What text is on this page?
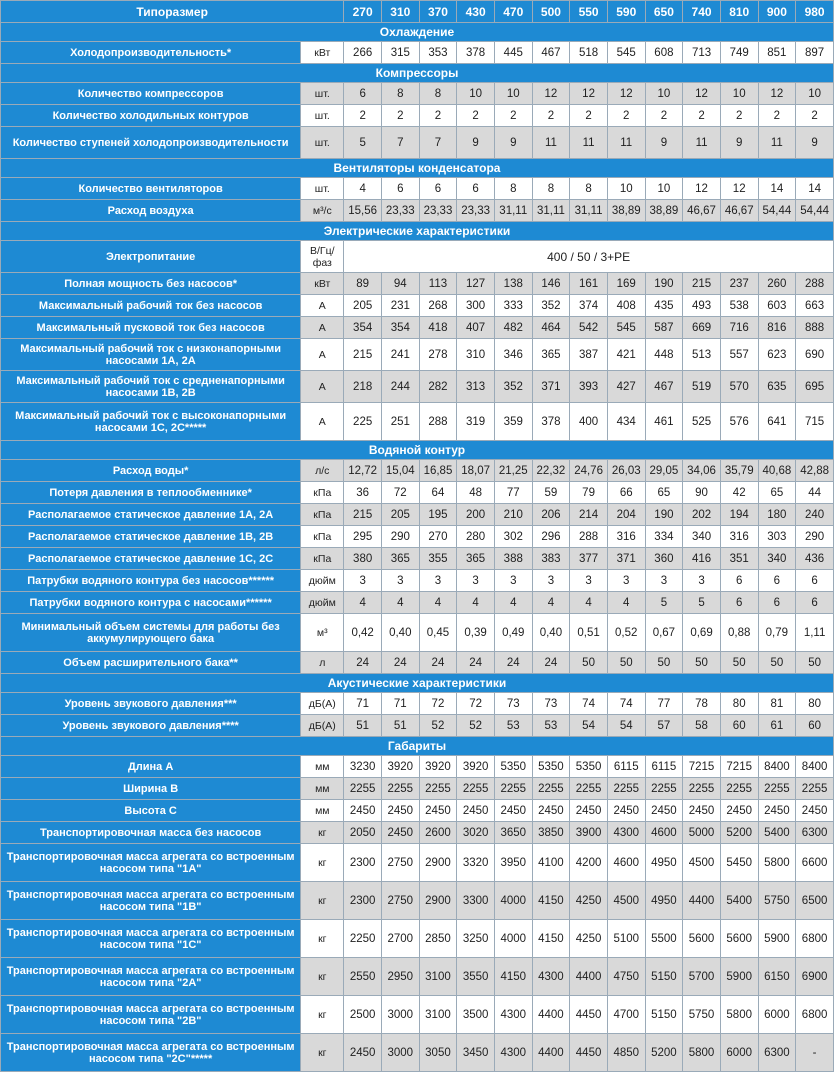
Типоразмер		270	310	370	430	470	500	550	590	650	740	810	900	980
Охлаждение														
Холодопроизводительность*	кВт	266	315	353	378	445	467	518	545	608	713	749	851	897
Компрессоры														
Количество компрессоров	шт.	6	8	8	10	10	12	12	12	10	12	10	12	10
Количество холодильных контуров	шт.	2	2	2	2	2	2	2	2	2	2	2	2	2
Количество ступеней холодопроизводительности	шт.	5	7	7	9	9	11	11	11	9	11	9	11	9
Вентиляторы конденсатора														
Количество вентиляторов	шт.	4	6	6	6	8	8	8	10	10	12	12	14	14
Расход воздуха	м³/с	15,56	23,33	23,33	23,33	31,11	31,11	31,11	38,89	38,89	46,67	46,67	54,44	54,44
Электрические характеристики														
Электропитание	В/Гц/фаз	400 / 50 / 3+PE												
Полная мощность без насосов*	кВт	89	94	113	127	138	146	161	169	190	215	237	260	288
Максимальный рабочий ток без насосов	А	205	231	268	300	333	352	374	408	435	493	538	603	663
Максимальный пусковой ток без насосов	А	354	354	418	407	482	464	542	545	587	669	716	816	888
Максимальный рабочий ток с низконапорными насосами 1А, 2А	А	215	241	278	310	346	365	387	421	448	513	557	623	690
Максимальный рабочий ток с средненапорными насосами 1В, 2В	А	218	244	282	313	352	371	393	427	467	519	570	635	695
Максимальный рабочий ток с высоконапорными насосами 1С, 2С*****	А	225	251	288	319	359	378	400	434	461	525	576	641	715
Водяной контур														
Расход воды*	л/с	12,72	15,04	16,85	18,07	21,25	22,32	24,76	26,03	29,05	34,06	35,79	40,68	42,88
Потеря давления в теплообменнике*	кПа	36	72	64	48	77	59	79	66	65	90	42	65	44
Располагаемое статическое давление 1А, 2А	кПа	215	205	195	200	210	206	214	204	190	202	194	180	240
Располагаемое статическое давление 1В, 2В	кПа	295	290	270	280	302	296	288	316	334	340	316	303	290
Располагаемое статическое давление 1С, 2С	кПа	380	365	355	365	388	383	377	371	360	416	351	340	436
Патрубки водяного контура без насосов******	дюйм	3	3	3	3	3	3	3	3	3	3	6	6	6
Патрубки водяного контура с насосами******	дюйм	4	4	4	4	4	4	4	4	5	5	6	6	6
Минимальный объем системы для работы без аккумулирующего бака	м³	0,42	0,40	0,45	0,39	0,49	0,40	0,51	0,52	0,67	0,69	0,88	0,79	1,11
Объем расширительного бака**	л	24	24	24	24	24	24	50	50	50	50	50	50	50
Акустические характеристики														
Уровень звукового давления***	дБ(А)	71	71	72	72	73	73	74	74	77	78	80	81	80
Уровень звукового давления****	дБ(А)	51	51	52	52	53	53	54	54	57	58	60	61	60
Габариты														
Длина А	мм	3230	3920	3920	3920	5350	5350	5350	6115	6115	7215	7215	8400	8400
Ширина В	мм	2255	2255	2255	2255	2255	2255	2255	2255	2255	2255	2255	2255	2255
Высота С	мм	2450	2450	2450	2450	2450	2450	2450	2450	2450	2450	2450	2450	2450
Транспортировочная масса без насосов	кг	2050	2450	2600	3020	3650	3850	3900	4300	4600	5000	5200	5400	6300
Транспортировочная масса агрегата со встроенным насосом типа "1А"	кг	2300	2750	2900	3320	3950	4100	4200	4600	4950	4500	5450	5800	6600
Транспортировочная масса агрегата со встроенным насосом типа "1В"	кг	2300	2750	2900	3300	4000	4150	4250	4500	4950	4400	5400	5750	6500
Транспортировочная масса агрегата со встроенным насосом типа "1С"	кг	2250	2700	2850	3250	4000	4150	4250	5100	5500	5600	5600	5900	6800
Транспортировочная масса агрегата со встроенным насосом типа "2А"	кг	2550	2950	3100	3550	4150	4300	4400	4750	5150	5700	5900	6150	6900
Транспортировочная масса агрегата со встроенным насосом типа "2В"	кг	2500	3000	3100	3500	4300	4400	4450	4700	5150	5750	5800	6000	6800
Транспортировочная масса агрегата со встроенным насосом типа "2С"*****	кг	2450	3000	3050	3450	4300	4400	4450	4850	5200	5800	6000	6300	-
